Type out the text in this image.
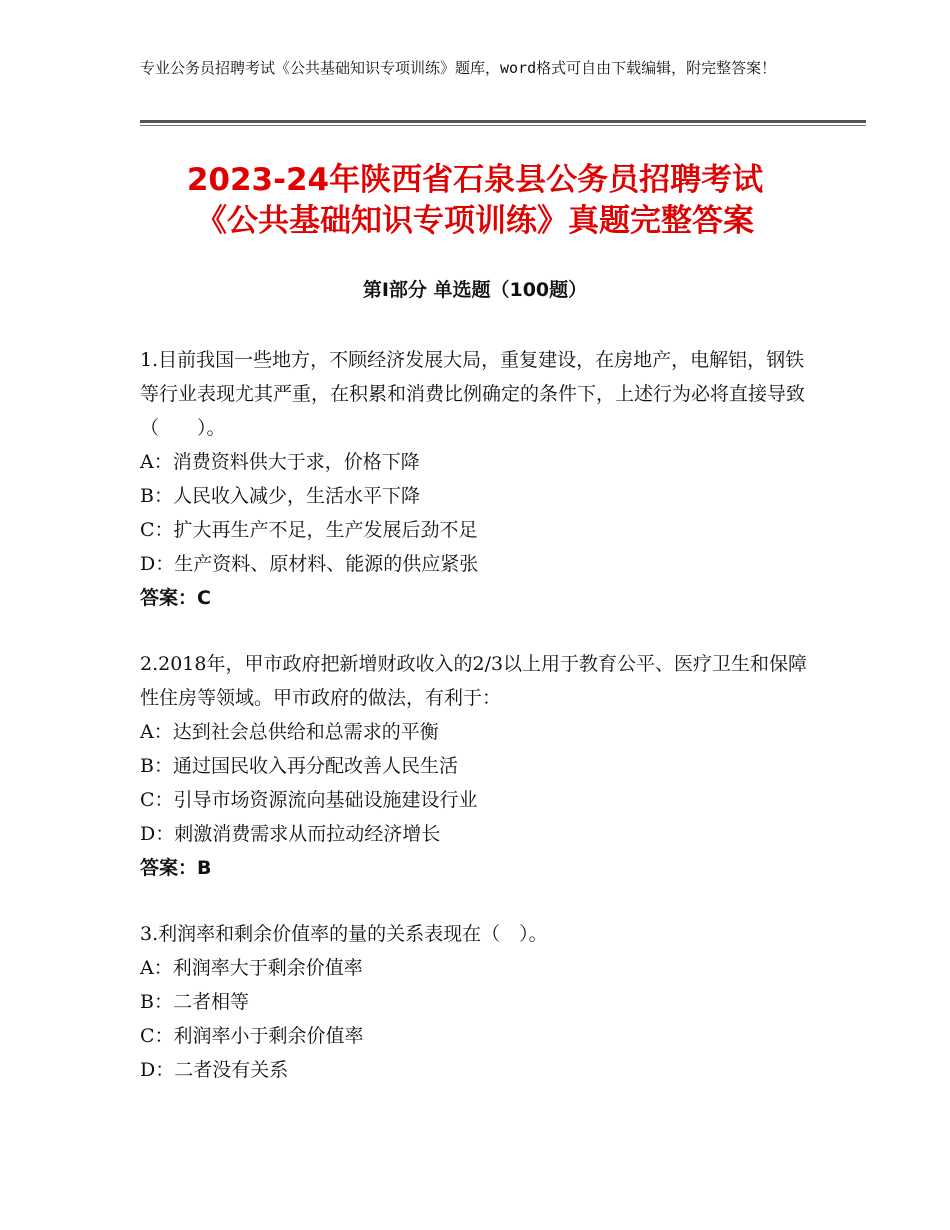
专业公务员招聘考试《公共基础知识专项训练》题库，word格式可自由下载编辑，附完整答案！
2023-24年陕西省石泉县公务员招聘考试
《公共基础知识专项训练》真题完整答案
第Ⅰ部分 单选题（100题）
1.目前我国一些地方，不顾经济发展大局，重复建设，在房地产，电解铝，钢铁等行业表现尤其严重，在积累和消费比例确定的条件下，上述行为必将直接导致（　　）。
A：消费资料供大于求，价格下降
B：人民收入减少，生活水平下降
C：扩大再生产不足，生产发展后劲不足
D：生产资料、原材料、能源的供应紧张
答案：C
2.2018年，甲市政府把新增财政收入的2/3以上用于教育公平、医疗卫生和保障性住房等领域。甲市政府的做法，有利于：
A：达到社会总供给和总需求的平衡
B：通过国民收入再分配改善人民生活
C：引导市场资源流向基础设施建设行业
D：刺激消费需求从而拉动经济增长
答案：B
3.利润率和剩余价值率的量的关系表现在（　）。
A：利润率大于剩余价值率
B：二者相等
C：利润率小于剩余价值率
D：二者没有关系
